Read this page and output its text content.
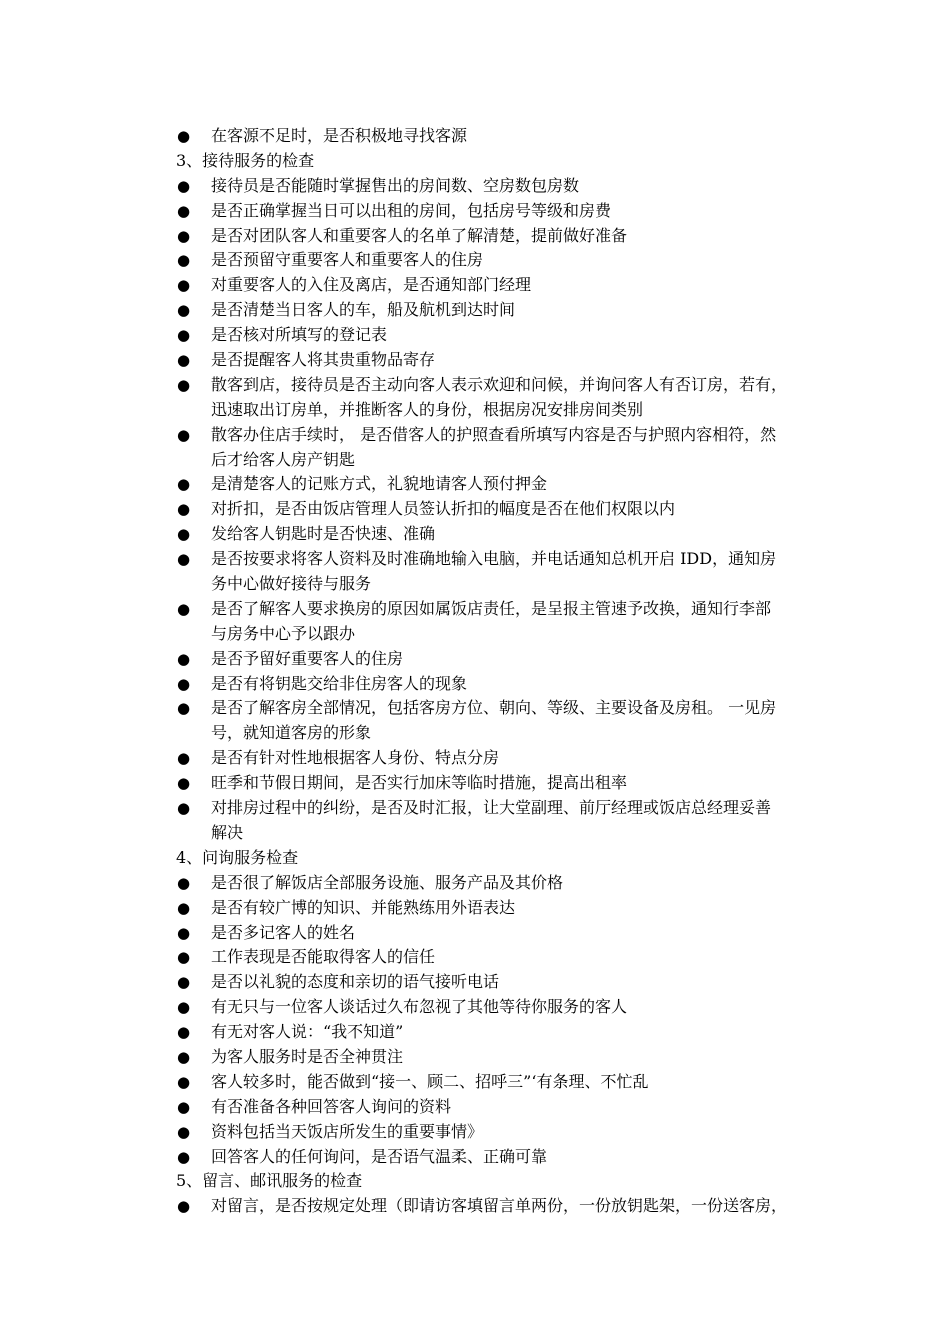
● 在客源不足时，是否积极地寻找客源
3、接待服务的检查
● 接待员是否能随时掌握售出的房间数、空房数包房数
● 是否正确掌握当日可以出租的房间，包括房号等级和房费
● 是否对团队客人和重要客人的名单了解清楚，提前做好准备
● 是否预留守重要客人和重要客人的住房
● 对重要客人的入住及离店，是否通知部门经理
● 是否清楚当日客人的车，船及航机到达时间
● 是否核对所填写的登记表
● 是否提醒客人将其贵重物品寄存
● 散客到店，接待员是否主动向客人表示欢迎和问候，并询问客人有否订房，若有，
迅速取出订房单，并推断客人的身份，根据房况安排房间类别
● 散客办住店手续时， 是否借客人的护照查看所填写内容是否与护照内容相符，然
后才给客人房产钥匙
● 是清楚客人的记账方式，礼貌地请客人预付押金
● 对折扣，是否由饭店管理人员签认折扣的幅度是否在他们权限以内
● 发给客人钥匙时是否快速、准确
● 是否按要求将客人资料及时准确地输入电脑，并电话通知总机开启 IDD，通知房
务中心做好接待与服务
● 是否了解客人要求换房的原因如属饭店责任，是呈报主管速予改换，通知行李部
与房务中心予以跟办
● 是否予留好重要客人的住房
● 是否有将钥匙交给非住房客人的现象
● 是否了解客房全部情况，包括客房方位、朝向、等级、主要设备及房租。 一见房
号，就知道客房的形象
● 是否有针对性地根据客人身份、特点分房
● 旺季和节假日期间，是否实行加床等临时措施，提高出租率
● 对排房过程中的纠纷，是否及时汇报，让大堂副理、前厅经理或饭店总经理妥善
解决
4、问询服务检查
● 是否很了解饭店全部服务设施、服务产品及其价格
● 是否有较广博的知识、并能熟练用外语表达
● 是否多记客人的姓名
● 工作表现是否能取得客人的信任
● 是否以礼貌的态度和亲切的语气接听电话
● 有无只与一位客人谈话过久布忽视了其他等待你服务的客人
● 有无对客人说：“我不知道”
● 为客人服务时是否全神贯注
● 客人较多时，能否做到“接一、顾二、招呼三”‘有条理、不忙乱
● 有否准备各种回答客人询问的资料
● 资料包括当天饭店所发生的重要事情》
● 回答客人的任何询问，是否语气温柔、正确可靠
5、留言、邮讯服务的检查
● 对留言，是否按规定处理（即请访客填留言单两份，一份放钥匙架，一份送客房，
